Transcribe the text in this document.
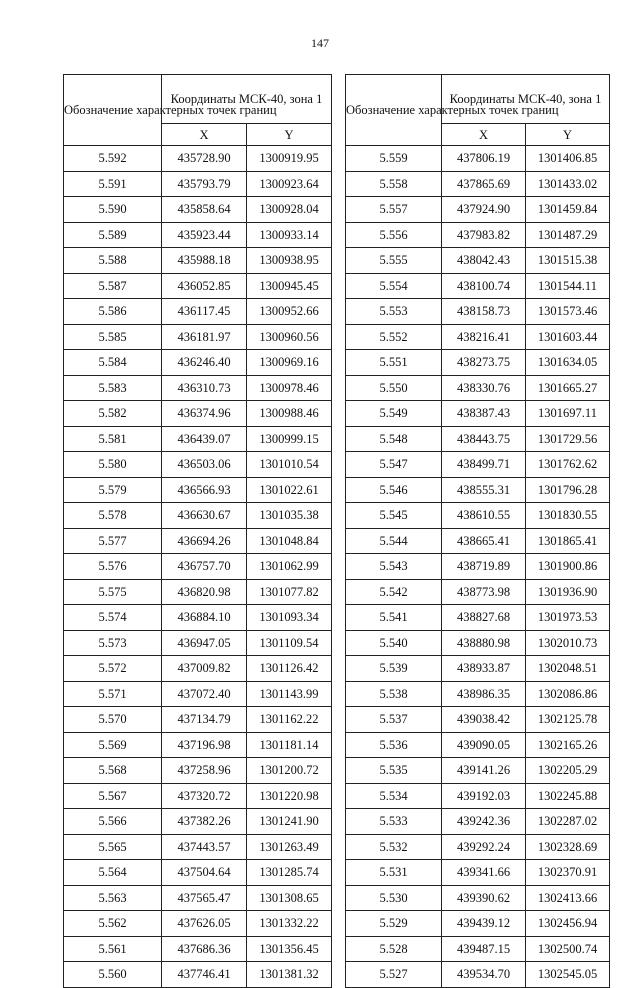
147
Обозначение характерных точек границ	Координаты МСК-40, зона 1	
	X	Y
5.592	435728.90	1300919.95
5.591	435793.79	1300923.64
5.590	435858.64	1300928.04
5.589	435923.44	1300933.14
5.588	435988.18	1300938.95
5.587	436052.85	1300945.45
5.586	436117.45	1300952.66
5.585	436181.97	1300960.56
5.584	436246.40	1300969.16
5.583	436310.73	1300978.46
5.582	436374.96	1300988.46
5.581	436439.07	1300999.15
5.580	436503.06	1301010.54
5.579	436566.93	1301022.61
5.578	436630.67	1301035.38
5.577	436694.26	1301048.84
5.576	436757.70	1301062.99
5.575	436820.98	1301077.82
5.574	436884.10	1301093.34
5.573	436947.05	1301109.54
5.572	437009.82	1301126.42
5.571	437072.40	1301143.99
5.570	437134.79	1301162.22
5.569	437196.98	1301181.14
5.568	437258.96	1301200.72
5.567	437320.72	1301220.98
5.566	437382.26	1301241.90
5.565	437443.57	1301263.49
5.564	437504.64	1301285.74
5.563	437565.47	1301308.65
5.562	437626.05	1301332.22
5.561	437686.36	1301356.45
5.560	437746.41	1301381.32
Обозначение характерных точек границ	Координаты МСК-40, зона 1	
	X	Y
5.559	437806.19	1301406.85
5.558	437865.69	1301433.02
5.557	437924.90	1301459.84
5.556	437983.82	1301487.29
5.555	438042.43	1301515.38
5.554	438100.74	1301544.11
5.553	438158.73	1301573.46
5.552	438216.41	1301603.44
5.551	438273.75	1301634.05
5.550	438330.76	1301665.27
5.549	438387.43	1301697.11
5.548	438443.75	1301729.56
5.547	438499.71	1301762.62
5.546	438555.31	1301796.28
5.545	438610.55	1301830.55
5.544	438665.41	1301865.41
5.543	438719.89	1301900.86
5.542	438773.98	1301936.90
5.541	438827.68	1301973.53
5.540	438880.98	1302010.73
5.539	438933.87	1302048.51
5.538	438986.35	1302086.86
5.537	439038.42	1302125.78
5.536	439090.05	1302165.26
5.535	439141.26	1302205.29
5.534	439192.03	1302245.88
5.533	439242.36	1302287.02
5.532	439292.24	1302328.69
5.531	439341.66	1302370.91
5.530	439390.62	1302413.66
5.529	439439.12	1302456.94
5.528	439487.15	1302500.74
5.527	439534.70	1302545.05
